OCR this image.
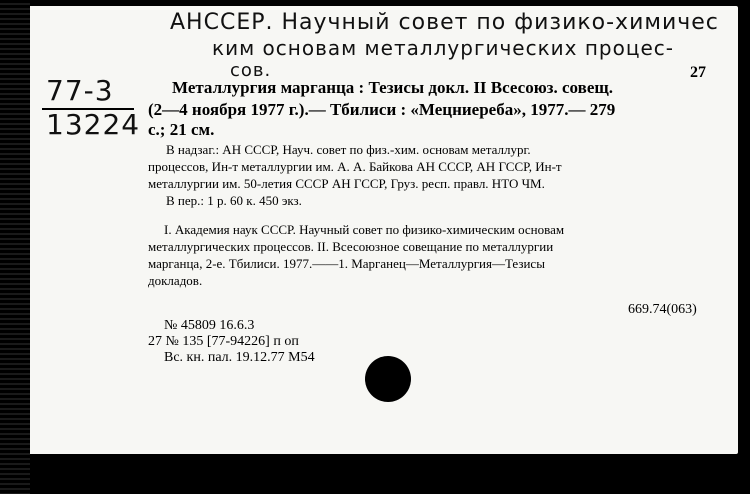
АНССЕР. Научный совет по физико-химичес
ким основам металлургических процес-
сов.
77-3
13224
27
Металлургия марганца : Тезисы докл. II Всесоюз. совещ.
(2—4 ноября 1977 г.).— Тбилиси : «Мецниереба», 1977.— 279
с.; 21 см.
В надзаг.: АН СССР, Науч. совет по физ.-хим. основам металлург.
процессов, Ин-т металлургии им. А. А. Байкова АН СССР, АН ГССР, Ин-т
металлургии им. 50-летия СССР АН ГССР, Груз. респ. правл. НТО ЧМ.
В пер.: 1 р. 60 к. 450 экз.
I. Академия наук СССР. Научный совет по физико-химическим основам
металлургических процессов. II. Всесоюзное совещание по металлургии
марганца, 2-е. Тбилиси. 1977.——1. Марганец—Металлургия—Тезисы
докладов.
669.74(063)
№ 45809 16.6.3
27 № 135 [77-94226] п оп
Вс. кн. пал. 19.12.77 М54
